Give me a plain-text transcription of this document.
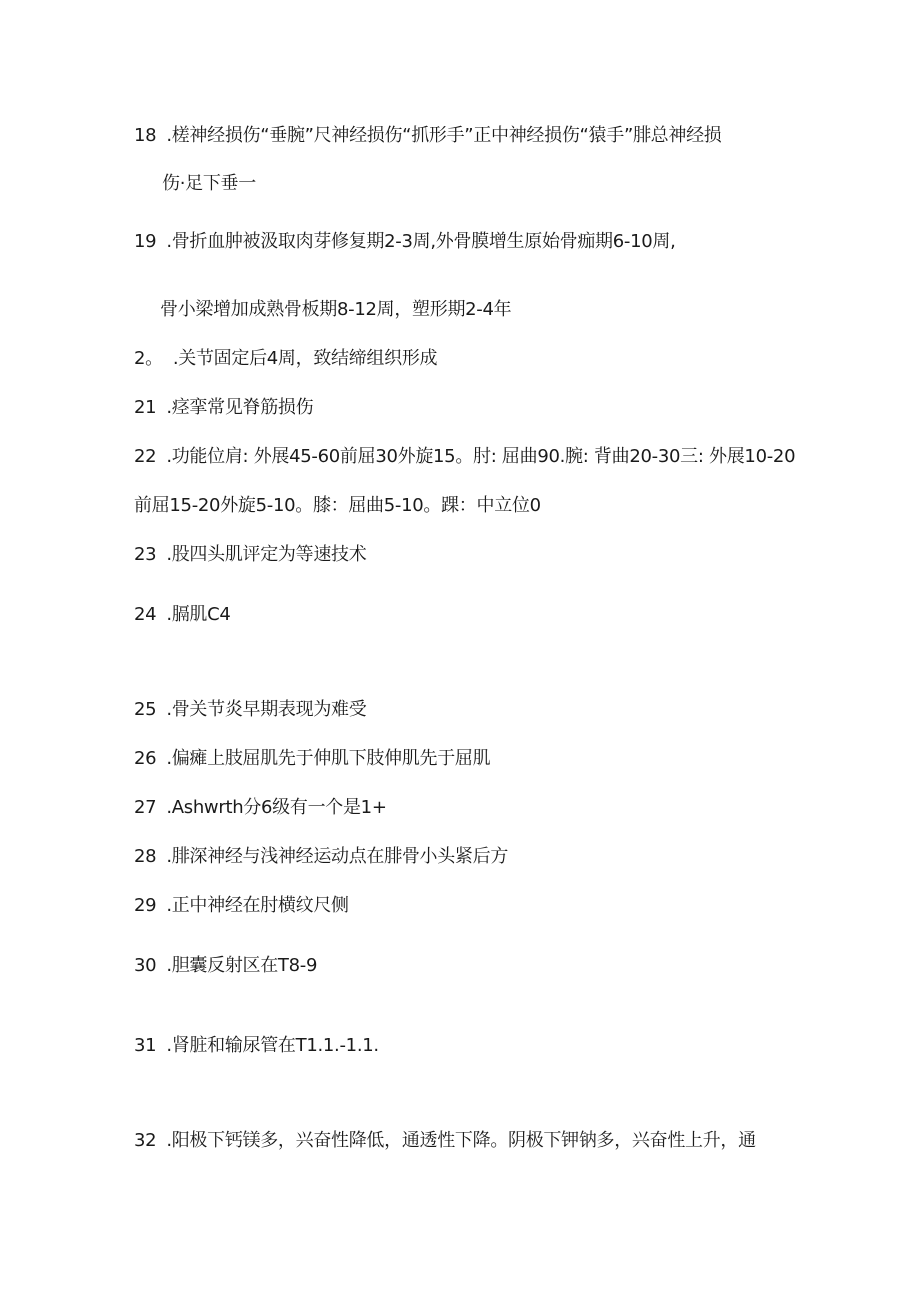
18 .槎神经损伤“垂腕”尺神经损伤“抓形手”正中神经损伤“猿手”腓总神经损
伤·足下垂一
19 .骨折血肿被汲取肉芽修复期2-3周,外骨膜增生原始骨痂期6-10周,
骨小梁增加成熟骨板期8-12周，塑形期2-4年
2。 .关节固定后4周，致结缔组织形成
21 .痉挛常见脊筋损伤
22 .功能位肩: 外展45-60前屈30外旋15。肘: 屈曲90.腕: 背曲20-30三: 外展10-20
前屈15-20外旋5-10。膝：屈曲5-10。踝：中立位0
23 .股四头肌评定为等速技术
24 .膈肌C4
25 .骨关节炎早期表现为难受
26 .偏瘫上肢屈肌先于伸肌下肢伸肌先于屈肌
27 .Ashwrth分6级有一个是1+
28 .腓深神经与浅神经运动点在腓骨小头紧后方
29 .正中神经在肘横纹尺侧
30 .胆囊反射区在T8-9
31 .肾脏和输尿管在T1.1.-1.1.
32 .阳极下钙镁多，兴奋性降低，通透性下降。阴极下钾钠多，兴奋性上升，通
